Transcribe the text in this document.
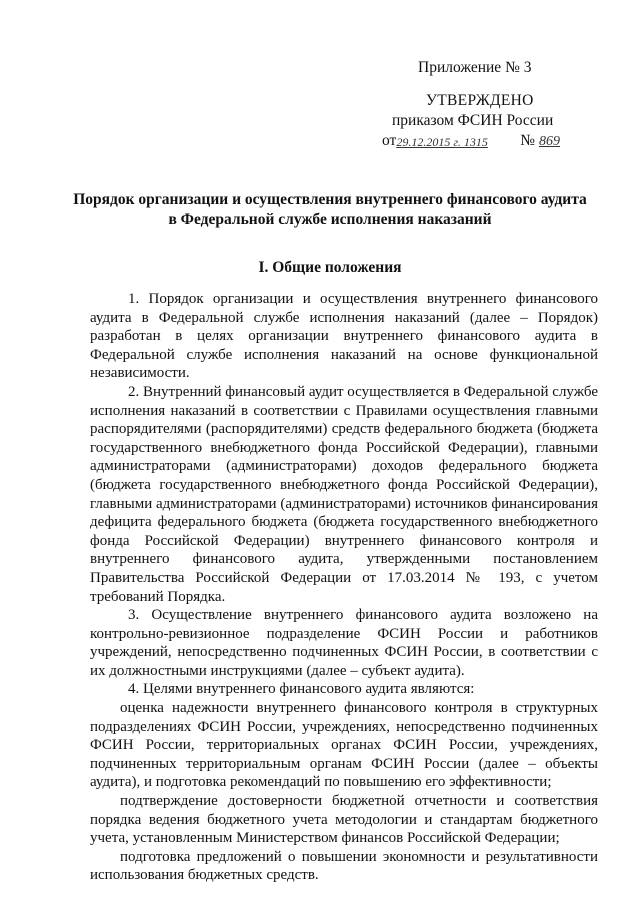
Приложение № 3
УТВЕРЖДЕНО
приказом ФСИН России
от29.12.2015 г. 1315 № 869
Порядок организации и осуществления внутреннего финансового аудита
в Федеральной службе исполнения наказаний
I. Общие положения

1. Порядок организации и осуществления внутреннего финансового аудита в Федеральной службе исполнения наказаний (далее – Порядок) разработан в целях организации внутреннего финансового аудита в Федеральной службе исполнения наказаний на основе функциональной независимости.

2. Внутренний финансовый аудит осуществляется в Федеральной службе исполнения наказаний в соответствии с Правилами осуществления главными распорядителями (распорядителями) средств федерального бюджета (бюджета государственного внебюджетного фонда Российской Федерации), главными администраторами (администраторами) доходов федерального бюджета (бюджета государственного внебюджетного фонда Российской Федерации), главными администраторами (администраторами) источников финансирования дефицита федерального бюджета (бюджета государственного внебюджетного фонда Российской Федерации) внутреннего финансового контроля и внутреннего финансового аудита, утвержденными постановлением Правительства Российской Федерации от 17.03.2014 № 193, с учетом требований Порядка.

3. Осуществление внутреннего финансового аудита возложено на контрольно-ревизионное подразделение ФСИН России и работников учреждений, непосредственно подчиненных ФСИН России, в соответствии с их должностными инструкциями (далее – субъект аудита).

4. Целями внутреннего финансового аудита являются:

оценка надежности внутреннего финансового контроля в структурных подразделениях ФСИН России, учреждениях, непосредственно подчиненных ФСИН России, территориальных органах ФСИН России, учреждениях, подчиненных территориальным органам ФСИН России (далее – объекты аудита), и подготовка рекомендаций по повышению его эффективности;

подтверждение достоверности бюджетной отчетности и соответствия порядка ведения бюджетного учета методологии и стандартам бюджетного учета, установленным Министерством финансов Российской Федерации;

подготовка предложений о повышении экономности и результативности использования бюджетных средств.
